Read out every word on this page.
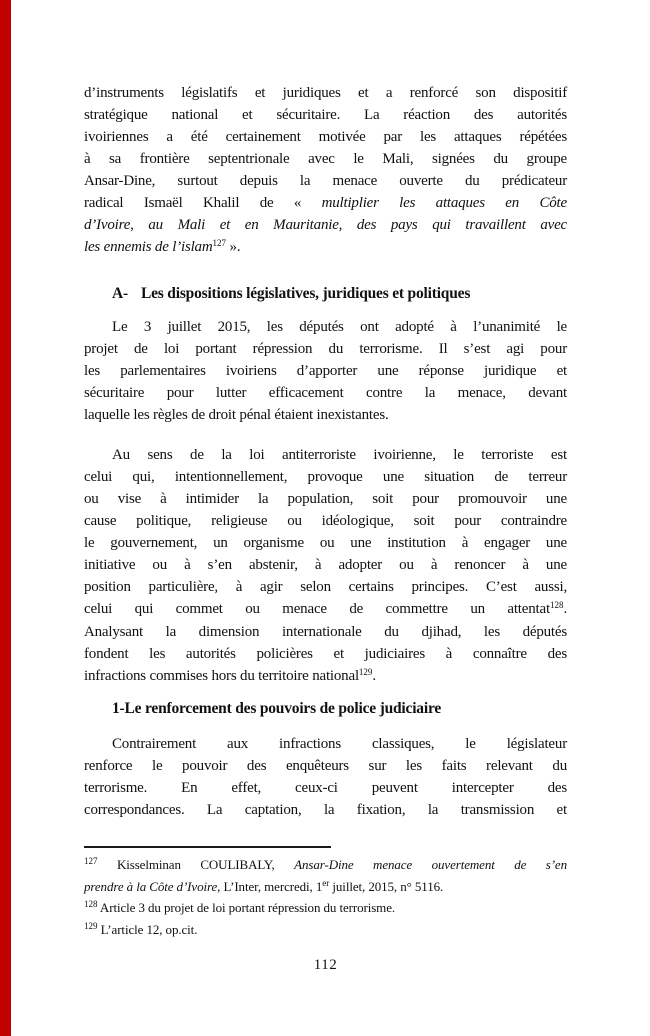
d’instruments législatifs et juridiques et a renforcé son dispositif
stratégique national et sécuritaire. La réaction des autorités
ivoiriennes a été certainement motivée par les attaques répétées
à sa frontière septentrionale avec le Mali, signées du groupe
Ansar-Dine, surtout depuis la menace ouverte du prédicateur
radical Ismaël Khalil de « multiplier les attaques en Côte
d’Ivoire, au Mali et en Mauritanie, des pays qui travaillent avec
les ennemis de l’islam$^{127}$ ».
A- Les dispositions législatives, juridiques et politiques
Le 3 juillet 2015, les députés ont adopté à l’unanimité le
projet de loi portant répression du terrorisme. Il s’est agi pour
les parlementaires ivoiriens d’apporter une réponse juridique et
sécuritaire pour lutter efficacement contre la menace, devant
laquelle les règles de droit pénal étaient inexistantes.
Au sens de la loi antiterroriste ivoirienne, le terroriste est
celui qui, intentionnellement, provoque une situation de terreur
ou vise à intimider la population, soit pour promouvoir une
cause politique, religieuse ou idéologique, soit pour contraindre
le gouvernement, un organisme ou une institution à engager une
initiative ou à s’en abstenir, à adopter ou à renoncer à une
position particulière, à agir selon certains principes. C’est aussi,
celui qui commet ou menace de commettre un attentat$^{128}$.
Analysant la dimension internationale du djihad, les députés
fondent les autorités policières et judiciaires à connaître des
infractions commises hors du territoire national$^{129}$.
1-Le renforcement des pouvoirs de police judiciaire
Contrairement aux infractions classiques, le législateur
renforce le pouvoir des enquêteurs sur les faits relevant du
terrorisme. En effet, ceux-ci peuvent intercepter des
correspondances. La captation, la fixation, la transmission et
$^{127}$ Kisselminan COULIBALY, Ansar-Dine menace ouvertement de s’en
prendre à la Côte d’Ivoire, L’Inter, mercredi, 1er juillet, 2015, n° 5116.
$^{128}$ Article 3 du projet de loi portant répression du terrorisme.
$^{129}$ L’article 12, op.cit.
112
